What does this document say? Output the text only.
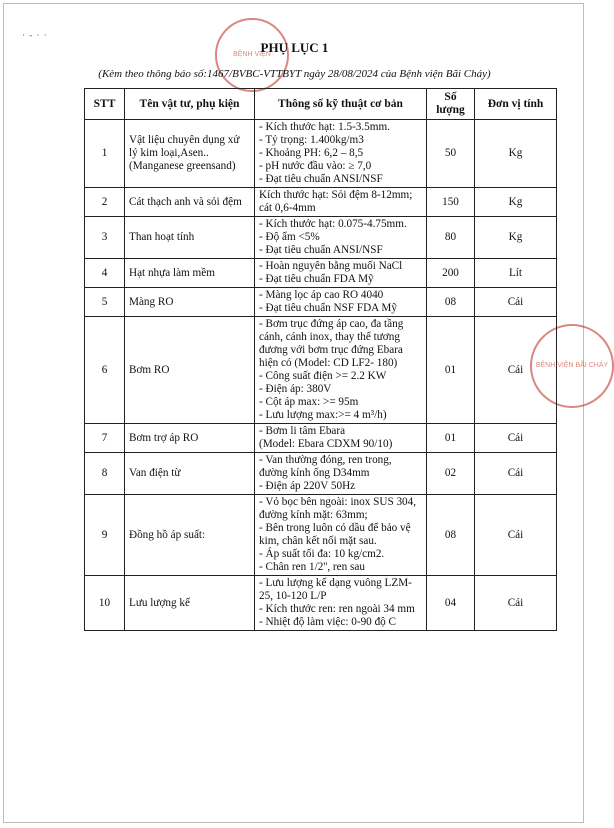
· - · ·
BỆNH VIỆN
BỆNH VIỆN BÃI CHÁY
PHỤ LỤC 1
(Kèm theo thông báo số:1467/BVBC-VTTBYT ngày 28/08/2024 của Bệnh viện Bãi Cháy)
STT	Tên vật tư, phụ kiện	Thông số kỹ thuật cơ bản	Số lượng	Đơn vị tính
1	Vật liệu chuyên dụng xử lý kim loại,Asen.. (Manganese greensand)	- Kích thước hạt: 1.5-3.5mm.
- Tỷ trọng: 1.400kg/m3
- Khoảng PH: 6,2 – 8,5
- pH nước đầu vào: ≥ 7,0
- Đạt tiêu chuẩn ANSI/NSF	50	Kg
2	Cát thạch anh và sỏi đệm	Kích thước hạt: Sỏi đệm 8-12mm; cát 0,6-4mm	150	Kg
3	Than hoạt tính	- Kích thước hạt: 0.075-4.75mm.
- Độ ẩm <5%
- Đạt tiêu chuẩn ANSI/NSF	80	Kg
4	Hạt nhựa làm mềm	- Hoàn nguyên bằng muối NaCl
- Đạt tiêu chuẩn FDA Mỹ	200	Lít
5	Màng RO	- Màng lọc áp cao RO 4040
- Đạt tiêu chuẩn NSF FDA Mỹ	08	Cái
6	Bơm RO	- Bơm trục đứng áp cao, đa tầng cánh, cánh inox, thay thế tương đương với bơm trục đứng Ebara hiện có (Model: CD LF2- 180)
- Công suất điện >= 2.2 KW
- Điện áp: 380V
- Cột áp max: >= 95m
- Lưu lượng max:>= 4 m³/h)	01	Cái
7	Bơm trợ áp RO	- Bơm li tâm Ebara
(Model: Ebara CDXM 90/10)	01	Cái
8	Van điện từ	- Van thường đóng, ren trong, đường kính ống D34mm
- Điện áp 220V 50Hz	02	Cái
9	Đồng hồ áp suất:	- Vỏ bọc bên ngoài: inox SUS 304, đường kính mặt: 63mm;
- Bên trong luôn có dầu để bảo vệ kim, chân kết nối mặt sau.
- Áp suất tối đa: 10 kg/cm2.
- Chân ren 1/2'', ren sau	08	Cái
10	Lưu lượng kế	- Lưu lượng kế dạng vuông LZM- 25, 10-120 L/P
- Kích thước ren: ren ngoài 34 mm
- Nhiệt độ làm việc: 0-90 độ C	04	Cái
